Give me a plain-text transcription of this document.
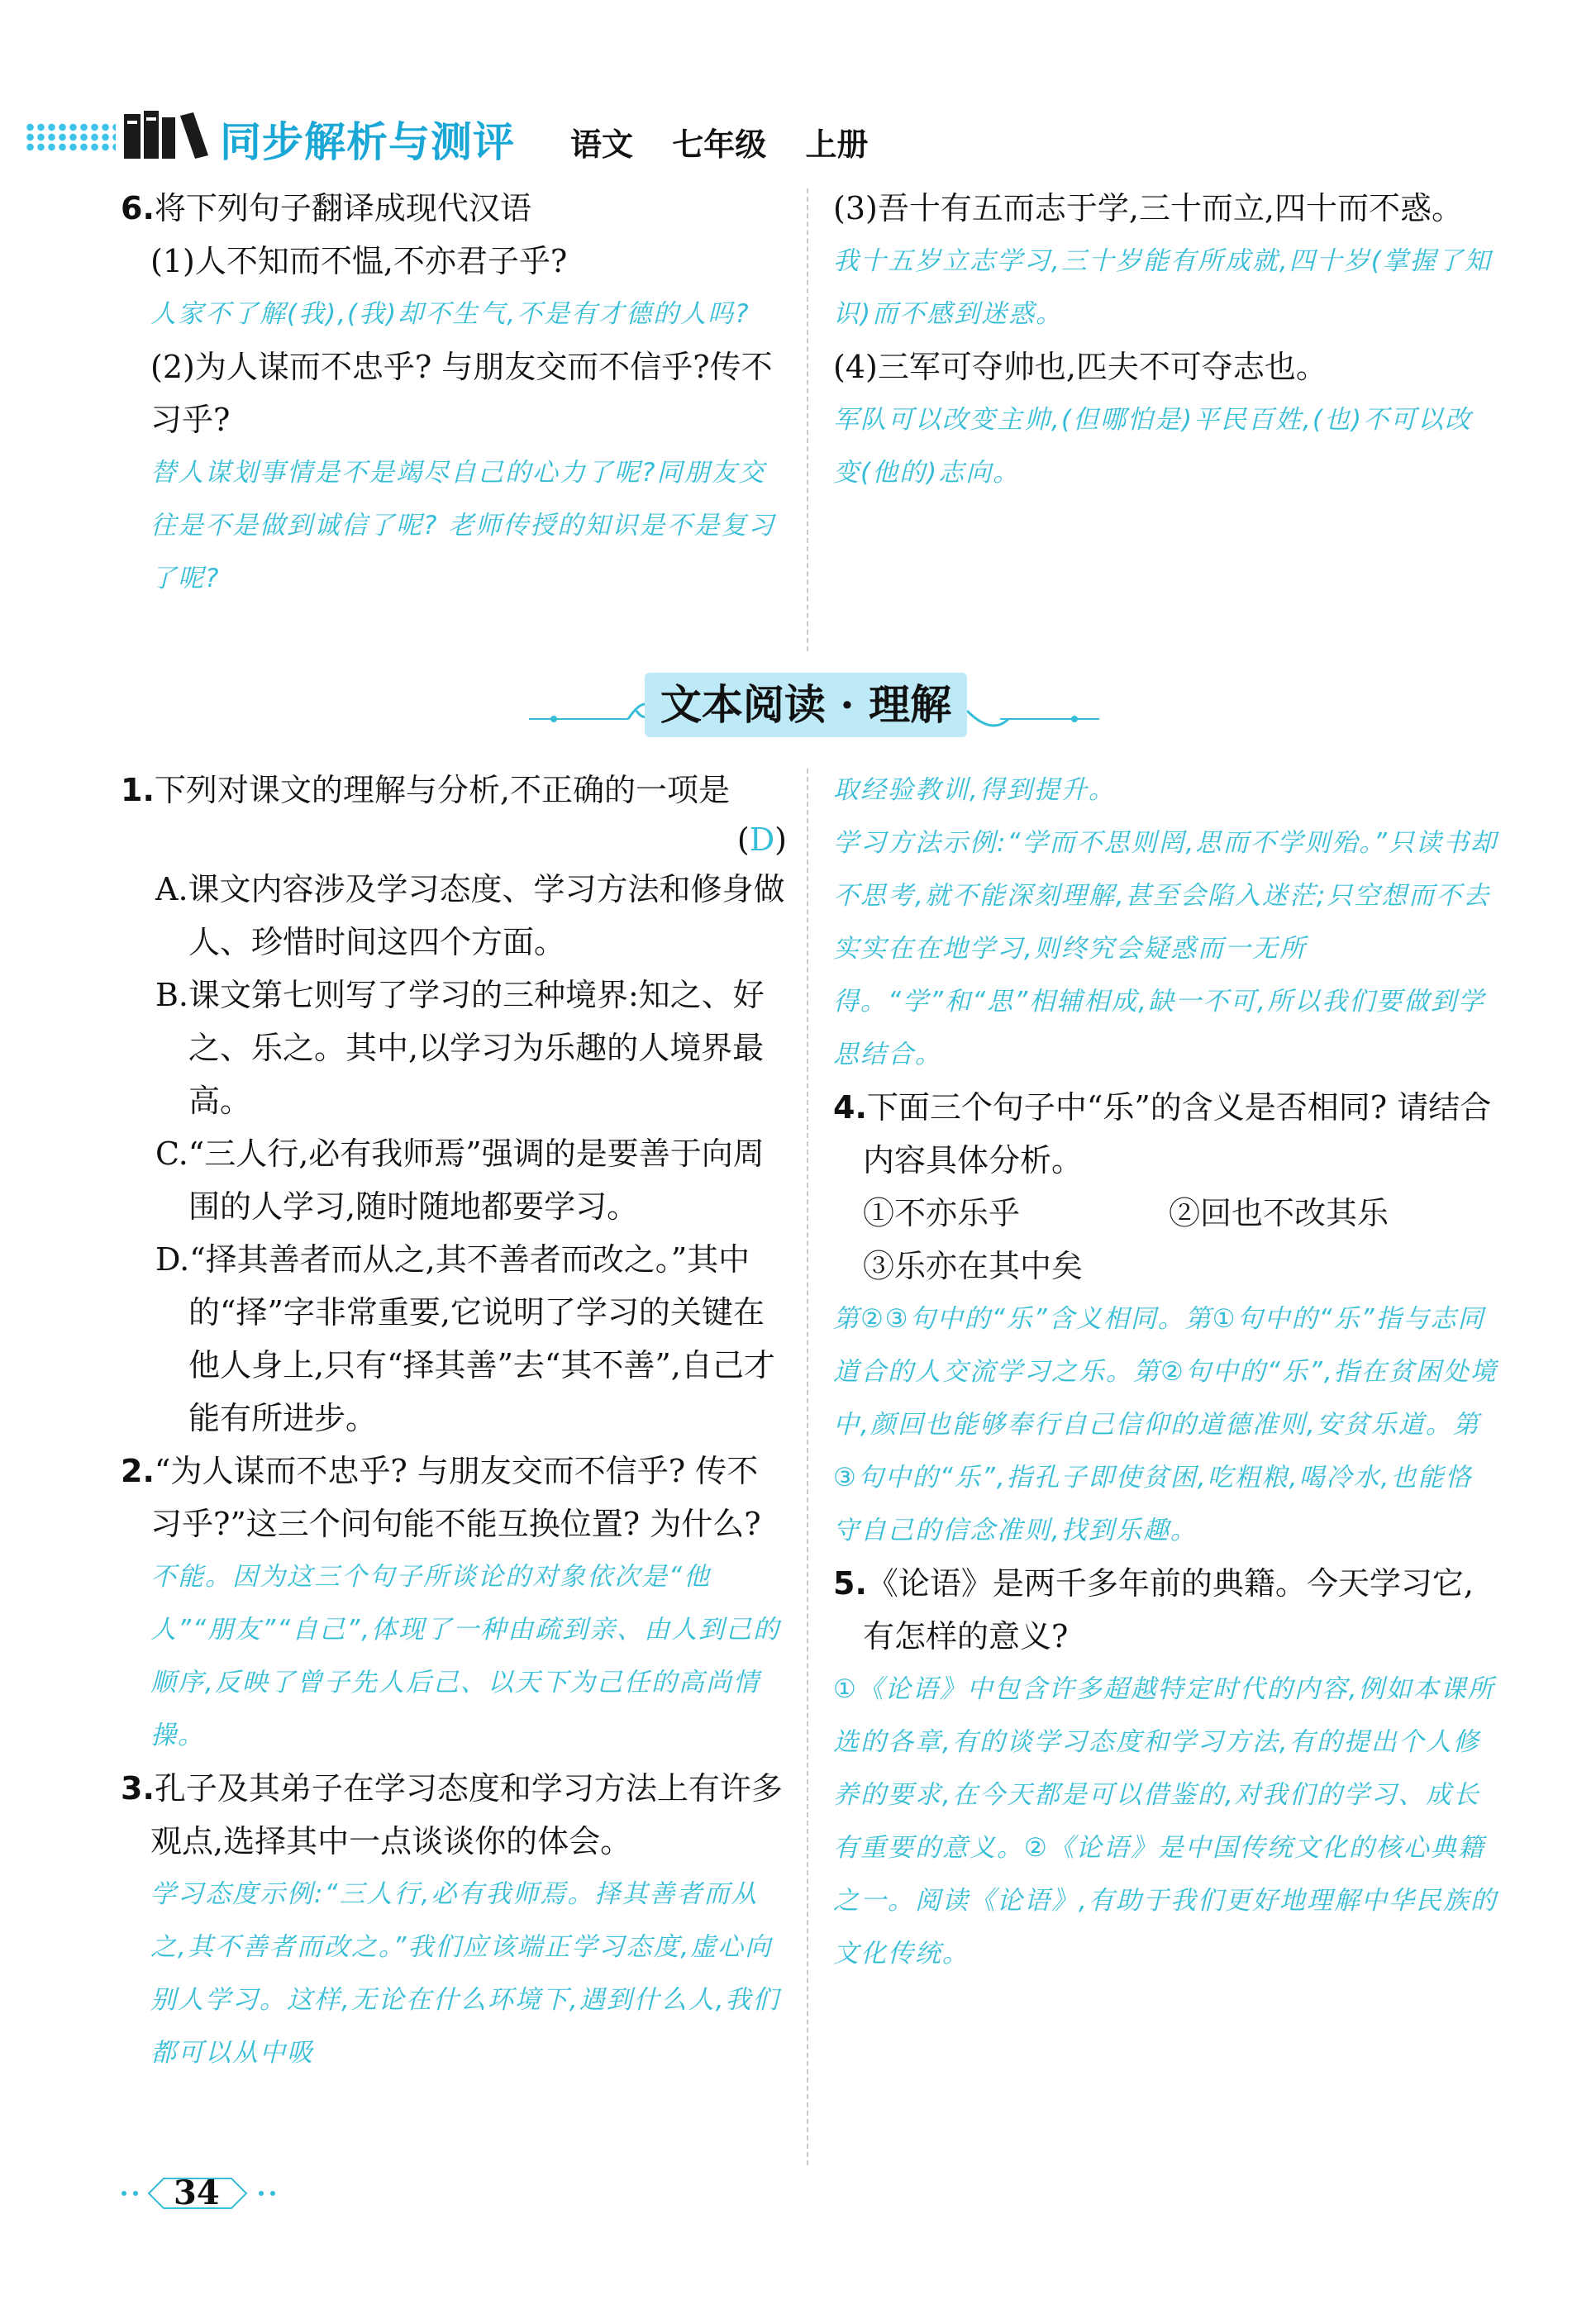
同步解析与测评 语文 七年级 上册
6.将下列句子翻译成现代汉语
(1)人不知而不愠,不亦君子乎?
人家不了解(我),(我)却不生气,不是有才德的人吗?
(2)为人谋而不忠乎? 与朋友交而不信乎?传不习乎?
替人谋划事情是不是竭尽自己的心力了呢?同朋友交往是不是做到诚信了呢? 老师传授的知识是不是复习了呢?
(3)吾十有五而志于学,三十而立,四十而不惑。
我十五岁立志学习,三十岁能有所成就,四十岁(掌握了知识)而不感到迷惑。
(4)三军可夺帅也,匹夫不可夺志也。
军队可以改变主帅,(但哪怕是)平民百姓,(也)不可以改变(他的)志向。
文本阅读 · 理解
1.下列对课文的理解与分析,不正确的一项是
(D)
A.课文内容涉及学习态度、学习方法和修身做人、珍惜时间这四个方面。
B.课文第七则写了学习的三种境界:知之、好之、乐之。其中,以学习为乐趣的人境界最高。
C.“三人行,必有我师焉”强调的是要善于向周围的人学习,随时随地都要学习。
D.“择其善者而从之,其不善者而改之。”其中的“择”字非常重要,它说明了学习的关键在他人身上,只有“择其善”去“其不善”,自己才能有所进步。
2.“为人谋而不忠乎? 与朋友交而不信乎? 传不习乎?”这三个问句能不能互换位置? 为什么?
不能。因为这三个句子所谈论的对象依次是“他人”“朋友”“自己”,体现了一种由疏到亲、由人到己的顺序,反映了曾子先人后己、以天下为己任的高尚情操。
3.孔子及其弟子在学习态度和学习方法上有许多观点,选择其中一点谈谈你的体会。
学习态度示例:“三人行,必有我师焉。择其善者而从之,其不善者而改之。”我们应该端正学习态度,虚心向别人学习。这样,无论在什么环境下,遇到什么人,我们都可以从中吸
取经验教训,得到提升。
学习方法示例:“学而不思则罔,思而不学则殆。”只读书却不思考,就不能深刻理解,甚至会陷入迷茫;只空想而不去实实在在地学习,则终究会疑惑而一无所得。“学”和“思”相辅相成,缺一不可,所以我们要做到学思结合。
4.下面三个句子中“乐”的含义是否相同? 请结合内容具体分析。
①不亦乐乎	②回也不改其乐
③乐亦在其中矣
第②③句中的“乐”含义相同。第①句中的“乐”指与志同道合的人交流学习之乐。第②句中的“乐”,指在贫困处境中,颜回也能够奉行自己信仰的道德准则,安贫乐道。第③句中的“乐”,指孔子即使贫困,吃粗粮,喝冷水,也能恪守自己的信念准则,找到乐趣。
5.《论语》是两千多年前的典籍。今天学习它,有怎样的意义?
①《论语》中包含许多超越特定时代的内容,例如本课所选的各章,有的谈学习态度和学习方法,有的提出个人修养的要求,在今天都是可以借鉴的,对我们的学习、成长有重要的意义。②《论语》是中国传统文化的核心典籍之一。阅读《论语》,有助于我们更好地理解中华民族的文化传统。
34
